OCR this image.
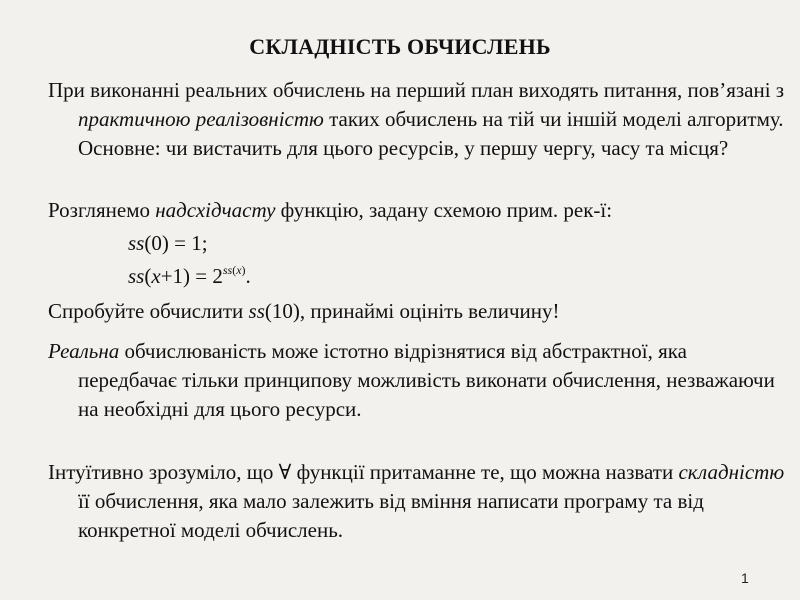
СКЛАДНІСТЬ ОБЧИСЛЕНЬ
При виконанні реальних обчислень на перший план виходять питання, пов’язані з практичною реалізовністю таких обчислень на тій чи іншій моделі алгоритму. Основне: чи вистачить для цього ресурсів, у першу чергу, часу та місця?
Розглянемо надсхідчасту функцію, задану схемою прим. рек-ї:
ss(0) = 1;
$ss(x+1) = 2^{ss(x)}$.
Спробуйте обчислити ss(10), принаймі оцініть величину!
Реальна обчислюваність може істотно відрізнятися від абстрактної, яка передбачає тільки принципову можливість виконати обчислення, незважаючи на необхідні для цього ресурси.
Інтуїтивно зрозуміло, що ∀ функції притаманне те, що можна назвати складністю її обчислення, яка мало залежить від вміння написати програму та від конкретної моделі обчислень.
1
